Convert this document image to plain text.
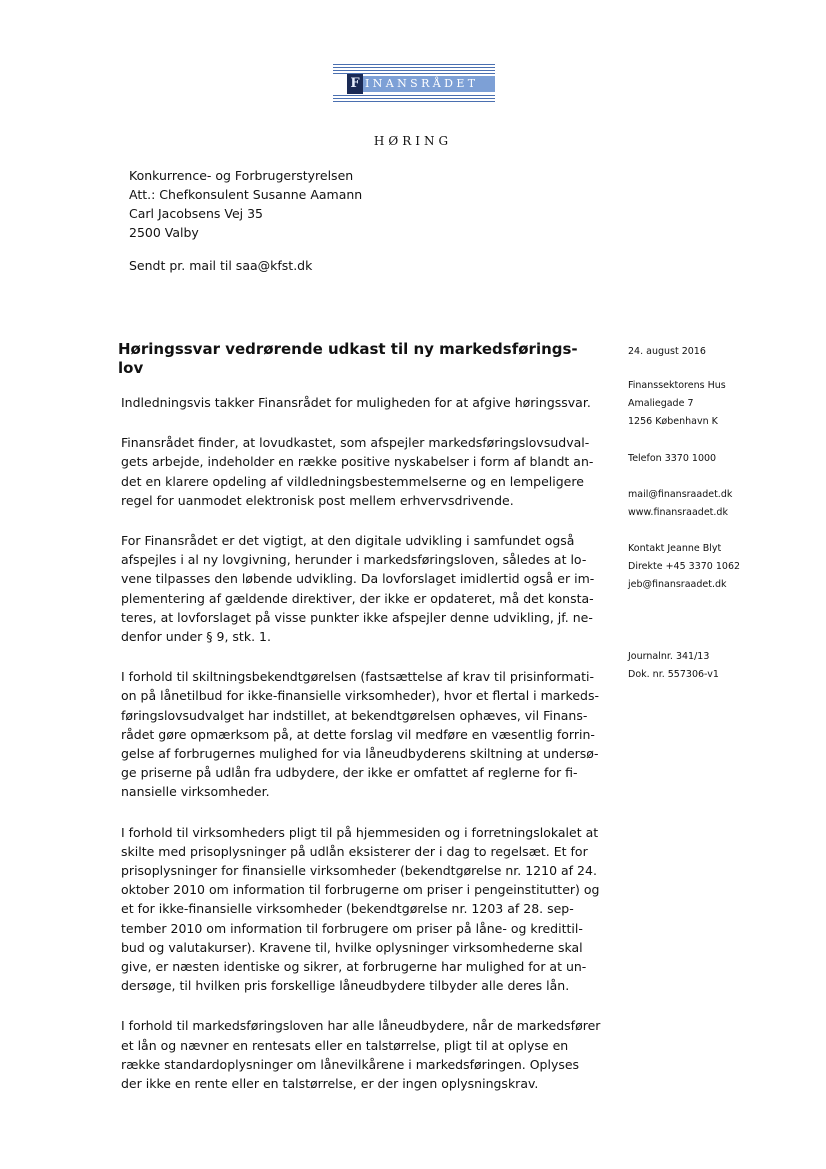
F INANSRÅDET
HØRING
Konkurrence- og Forbrugerstyrelsen
Att.: Chefkonsulent Susanne Aamann
Carl Jacobsens Vej 35
2500 Valby
Sendt pr. mail til saa@kfst.dk
Høringssvar vedrørende udkast til ny markedsførings-
lov
Indledningsvis takker Finansrådet for muligheden for at afgive høringssvar.
Finansrådet finder, at lovudkastet, som afspejler markedsføringslovsudval-
gets arbejde, indeholder en række positive nyskabelser i form af blandt an-
det en klarere opdeling af vildledningsbestemmelserne og en lempeligere
regel for uanmodet elektronisk post mellem erhvervsdrivende.
For Finansrådet er det vigtigt, at den digitale udvikling i samfundet også
afspejles i al ny lovgivning, herunder i markedsføringsloven, således at lo-
vene tilpasses den løbende udvikling. Da lovforslaget imidlertid også er im-
plementering af gældende direktiver, der ikke er opdateret, må det konsta-
teres, at lovforslaget på visse punkter ikke afspejler denne udvikling, jf. ne-
denfor under § 9, stk. 1.
I forhold til skiltningsbekendtgørelsen (fastsættelse af krav til prisinformati-
on på lånetilbud for ikke-finansielle virksomheder), hvor et flertal i markeds-
føringslovsudvalget har indstillet, at bekendtgørelsen ophæves, vil Finans-
rådet gøre opmærksom på, at dette forslag vil medføre en væsentlig forrin-
gelse af forbrugernes mulighed for via låneudbyderens skiltning at undersø-
ge priserne på udlån fra udbydere, der ikke er omfattet af reglerne for fi-
nansielle virksomheder.
I forhold til virksomheders pligt til på hjemmesiden og i forretningslokalet at
skilte med prisoplysninger på udlån eksisterer der i dag to regelsæt. Et for
prisoplysninger for finansielle virksomheder (bekendtgørelse nr. 1210 af 24.
oktober 2010 om information til forbrugerne om priser i pengeinstitutter) og
et for ikke-finansielle virksomheder (bekendtgørelse nr. 1203 af 28. sep-
tember 2010 om information til forbrugere om priser på låne- og kredittil-
bud og valutakurser). Kravene til, hvilke oplysninger virksomhederne skal
give, er næsten identiske og sikrer, at forbrugerne har mulighed for at un-
dersøge, til hvilken pris forskellige låneudbydere tilbyder alle deres lån.
I forhold til markedsføringsloven har alle låneudbydere, når de markedsfører
et lån og nævner en rentesats eller en talstørrelse, pligt til at oplyse en
række standardoplysninger om lånevilkårene i markedsføringen. Oplyses
der ikke en rente eller en talstørrelse, er der ingen oplysningskrav.
24. august 2016
Finanssektorens Hus
Amaliegade 7
1256 København K
Telefon 3370 1000
mail@finansraadet.dk
www.finansraadet.dk
Kontakt Jeanne Blyt
Direkte +45 3370 1062
jeb@finansraadet.dk
Journalnr. 341/13
Dok. nr. 557306-v1
